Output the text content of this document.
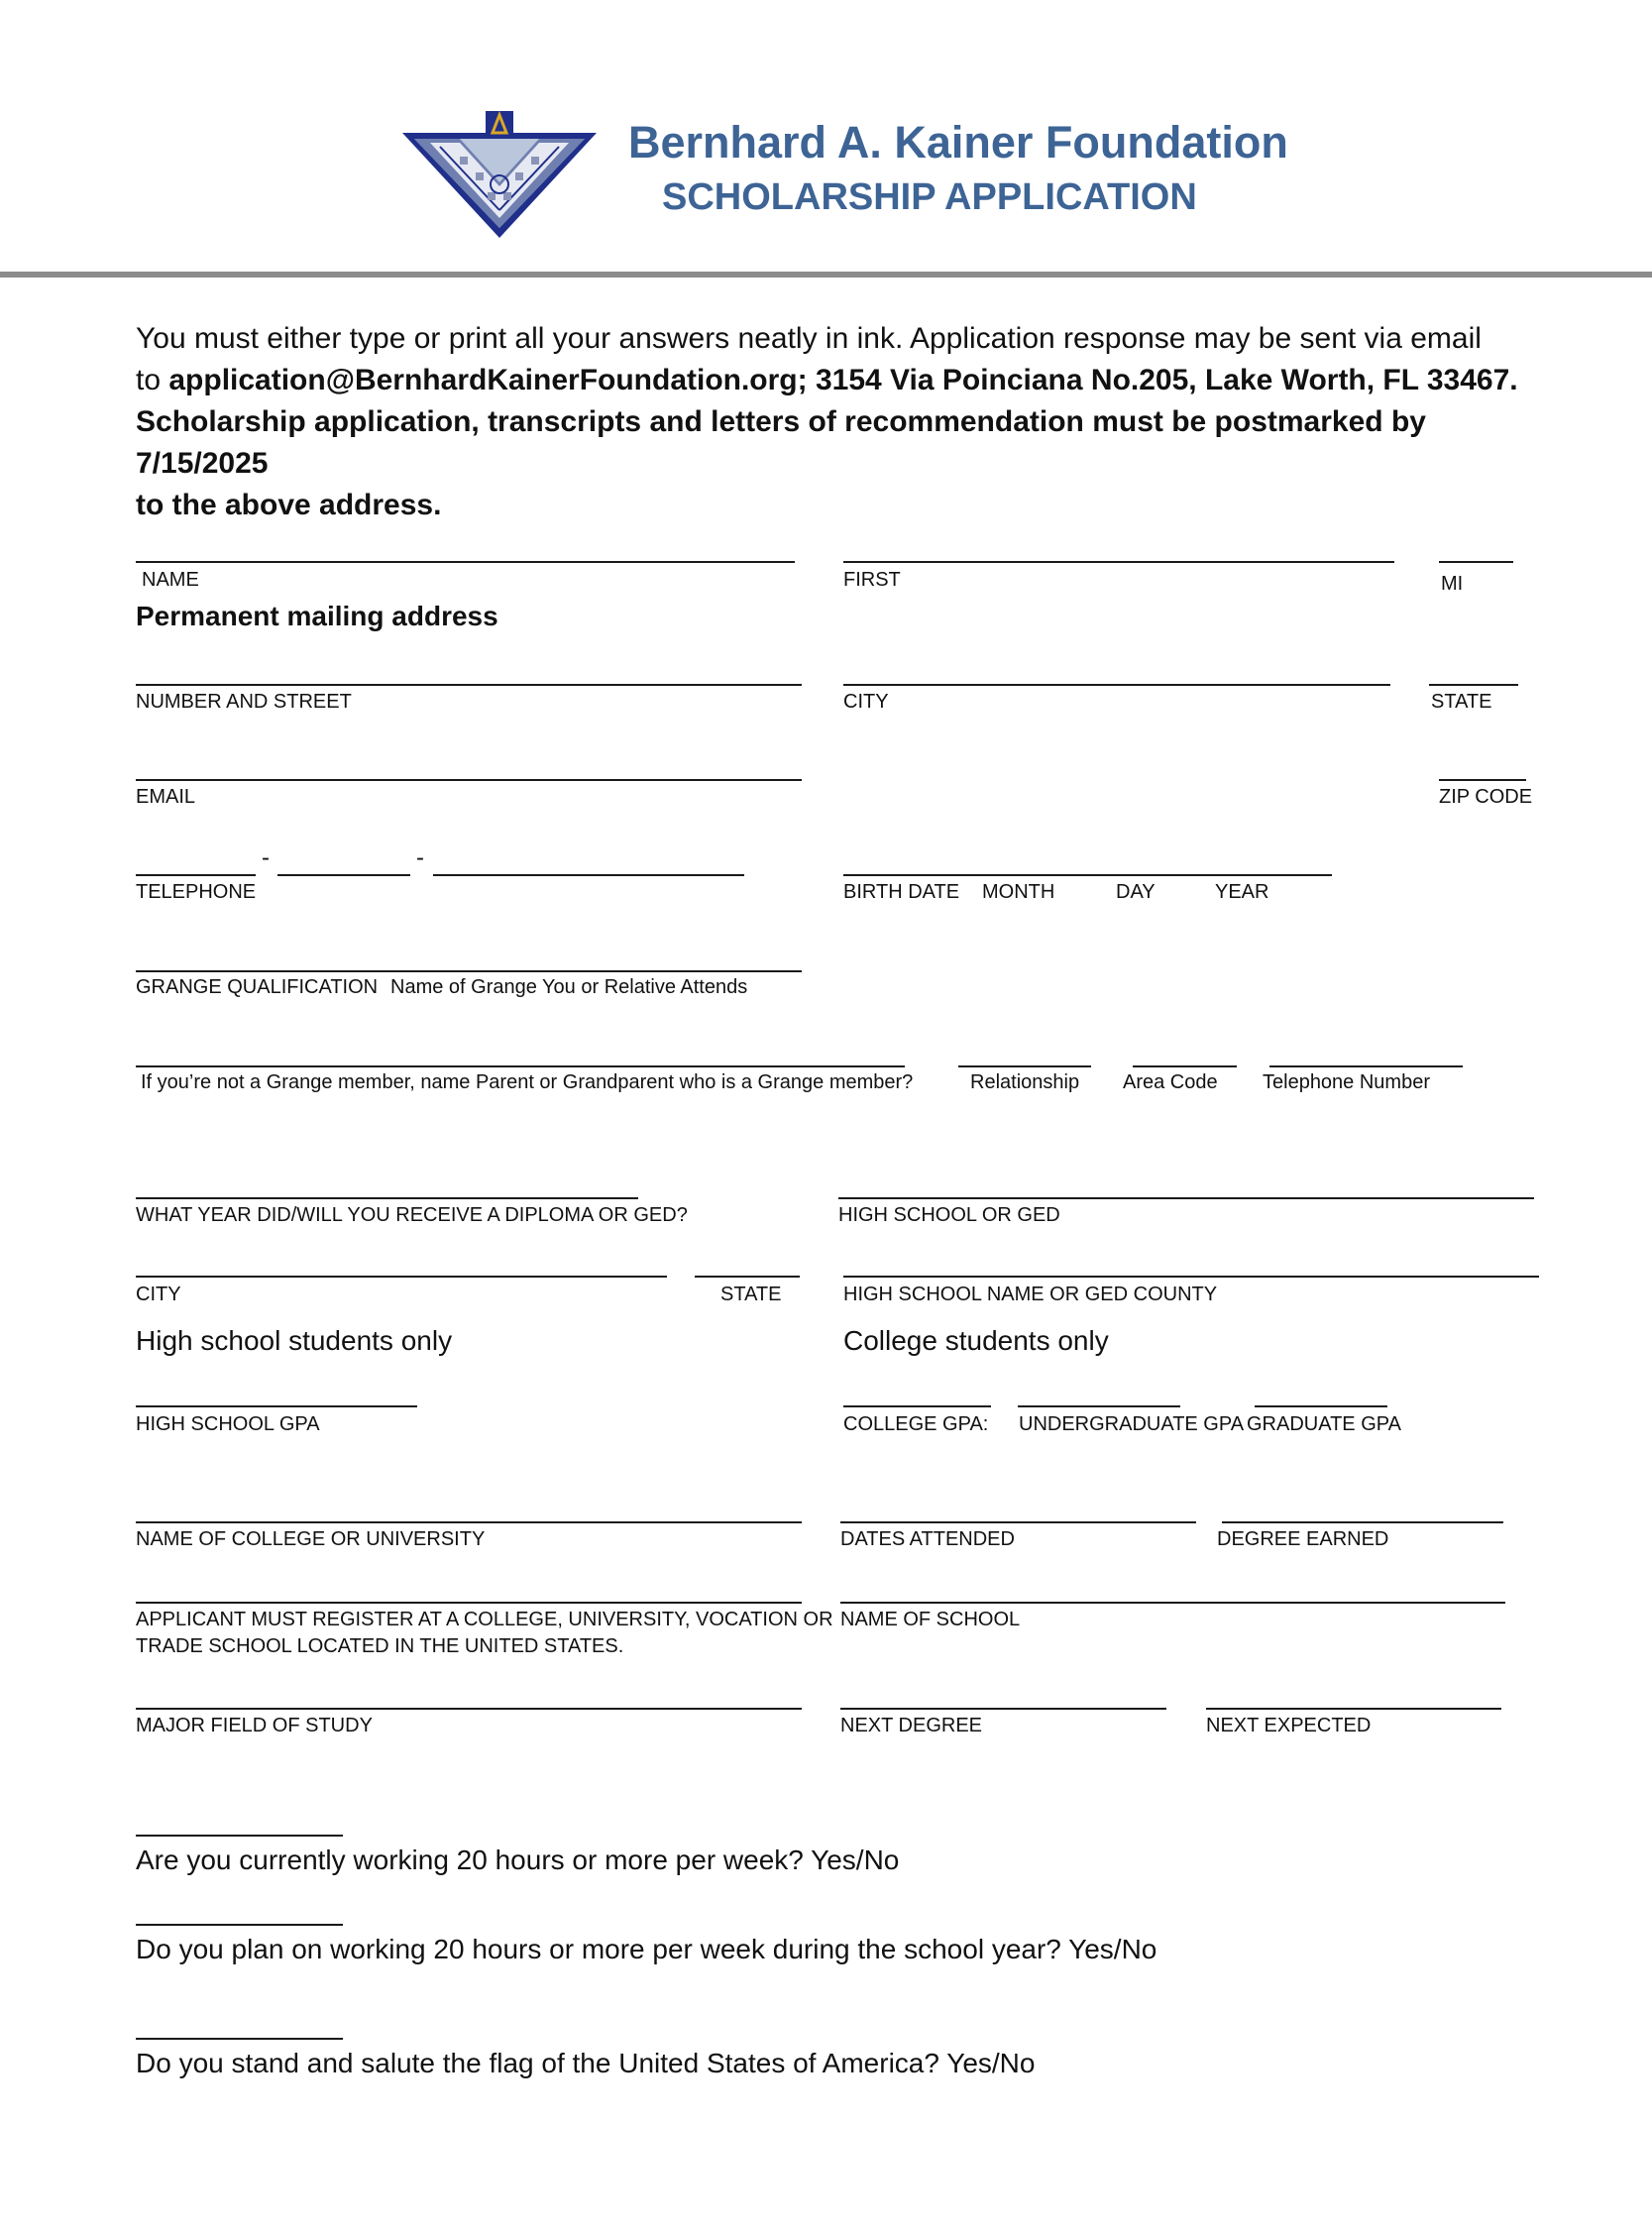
Bernhard A. Kainer Foundation
SCHOLARSHIP APPLICATION
You must either type or print all your answers neatly in ink. Application response may be sent via email
to application@BernhardKainerFoundation.org; 3154 Via Poinciana No.205, Lake Worth, FL 33467.
Scholarship application, transcripts and letters of recommendation must be postmarked by 7/15/2025
to the above address.
NAME	FIRST	MI
Permanent mailing address
NUMBER AND STREET	CITY	STATE
EMAIL	ZIP CODE
-	-
TELEPHONE	BIRTH DATE MONTH	DAY	YEAR
GRANGE QUALIFICATION Name of Grange You or Relative Attends
If you’re not a Grange member, name Parent or Grandparent who is a Grange member?	Relationship Area Code Telephone Number
WHAT YEAR DID/WILL YOU RECEIVE A DIPLOMA OR GED?	HIGH SCHOOL OR GED
CITY	STATE	HIGH SCHOOL NAME OR GED COUNTY
High school students only	College students only
HIGH SCHOOL GPA	COLLEGE GPA: UNDERGRADUATE GPA GRADUATE GPA
NAME OF COLLEGE OR UNIVERSITY	DATES ATTENDED	DEGREE EARNED
APPLICANT MUST REGISTER AT A COLLEGE, UNIVERSITY, VOCATION OR
TRADE SCHOOL LOCATED IN THE UNITED STATES.
NAME OF SCHOOL
MAJOR FIELD OF STUDY	NEXT DEGREE	NEXT EXPECTED
Are you currently working 20 hours or more per week? Yes/No
Do you plan on working 20 hours or more per week during the school year? Yes/No
Do you stand and salute the flag of the United States of America? Yes/No
